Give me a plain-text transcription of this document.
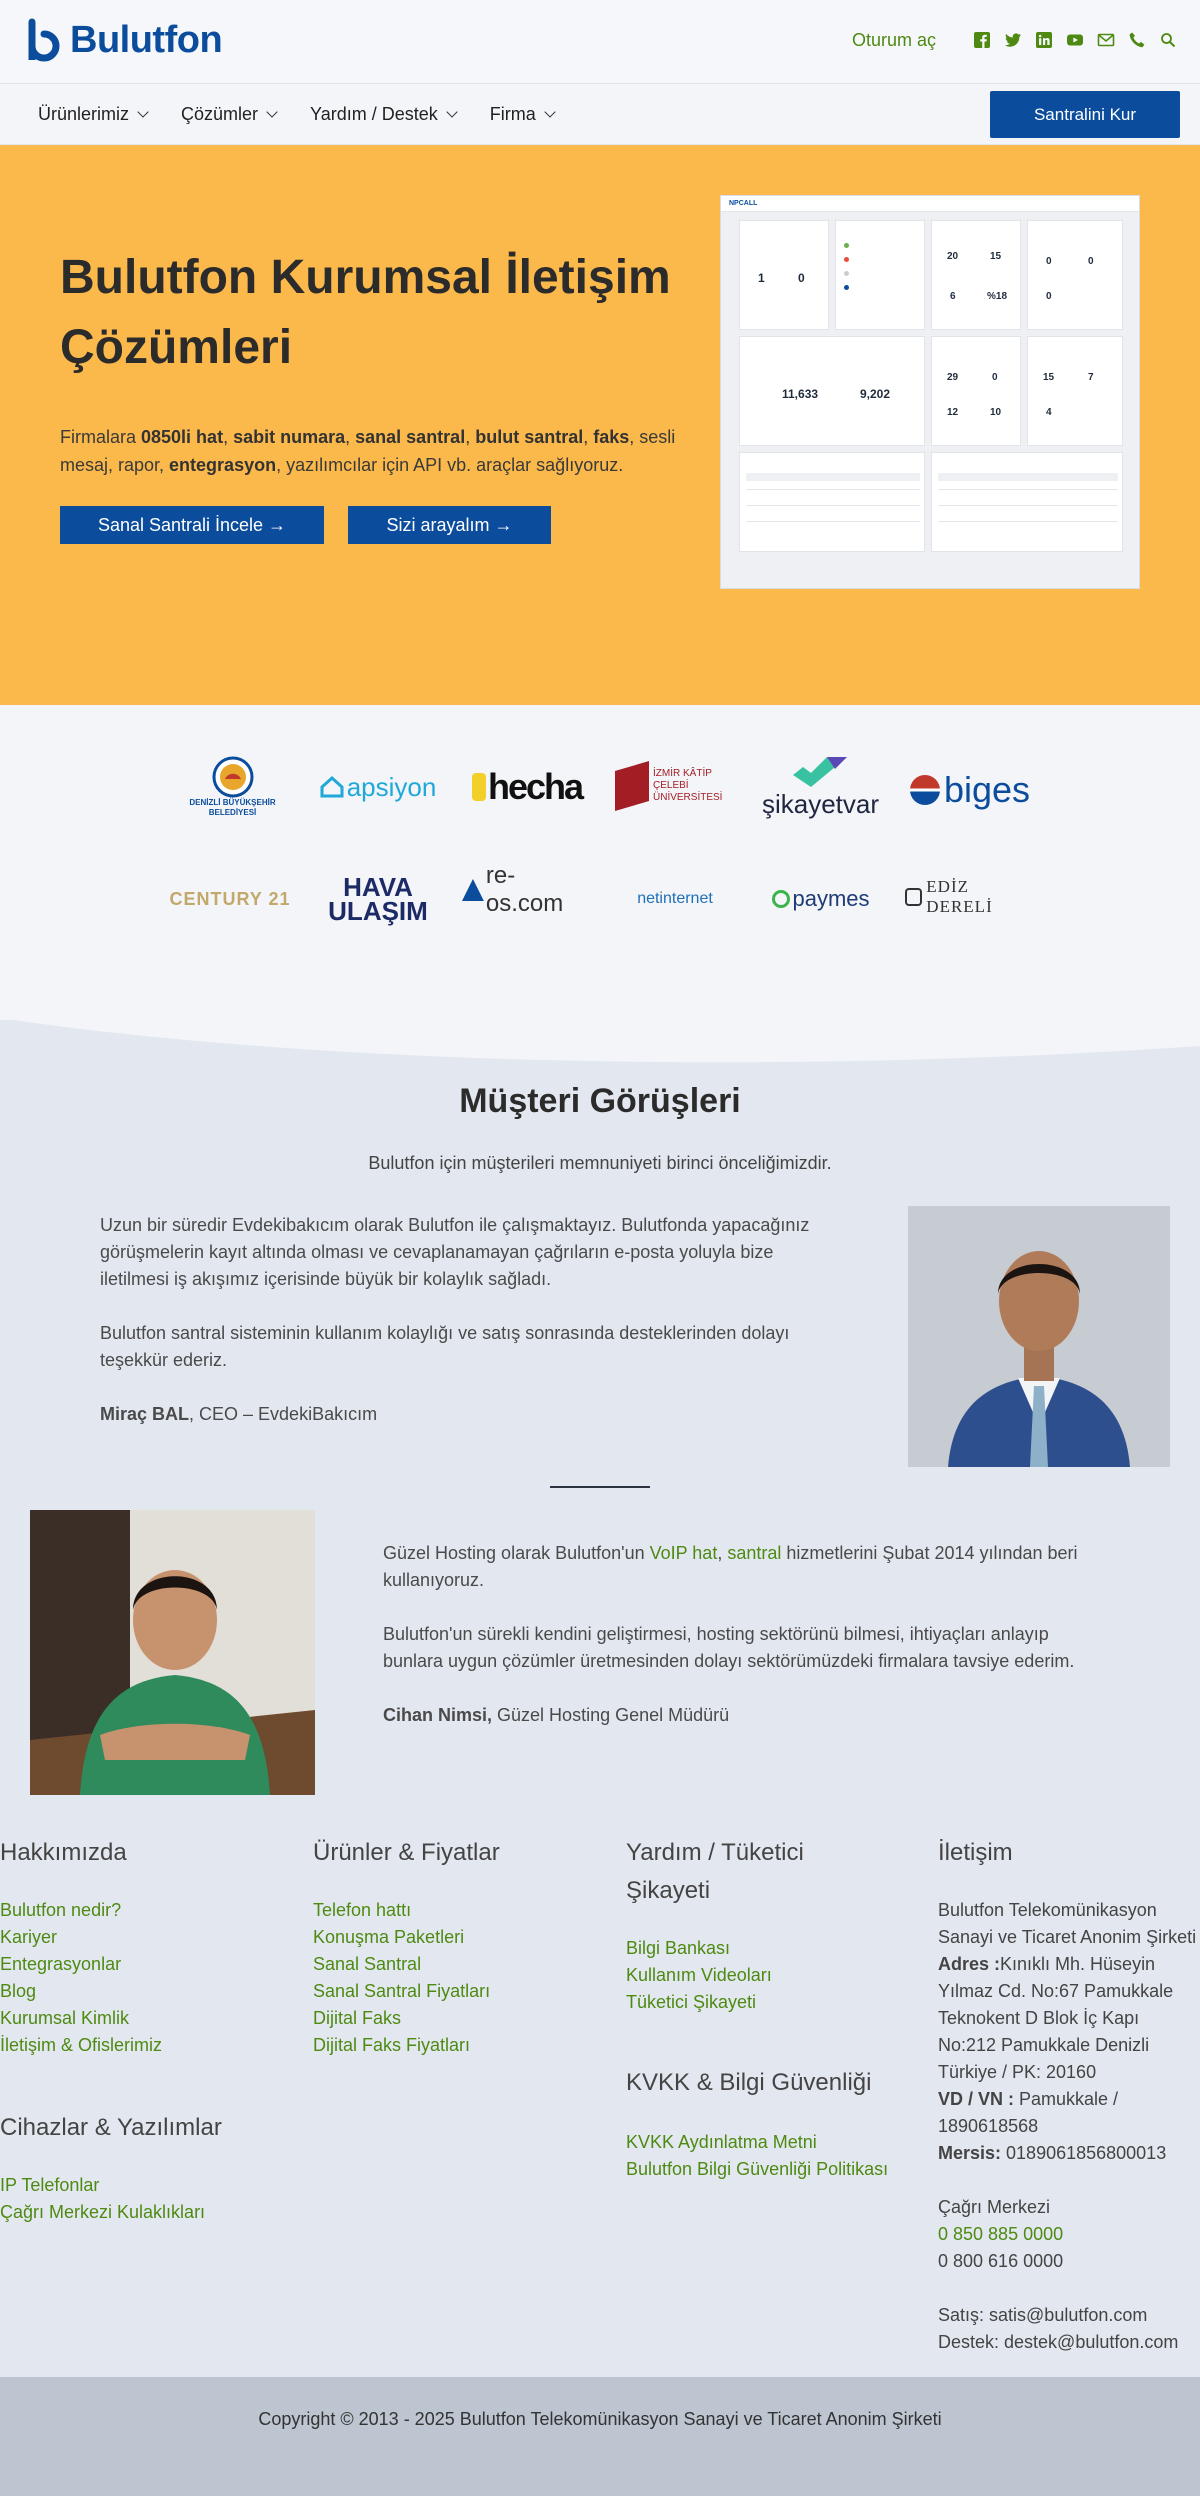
Bulutfon	Oturum aç
Ürünlerimiz	Çözümler	Yardım / Destek	Firma	Santralini Kur
Bulutfon Kurumsal İletişim Çözümleri

Firmalara 0850li hat, sabit numara, sanal santral, bulut santral, faks, sesli mesaj, rapor, entegrasyon, yazılımcılar için API vb. araçlar sağlıyoruz.

Sanal Santrali İncele →	Sizi arayalım →
NPCALL
1	0
20	15
6	%18
0	0
0
11,633	9,202
29	0
12	10
15	7
4
DENİZLİ BÜYÜKŞEHİR BELEDİYESİ
apsiyon hecha	İZMİR KÂTİP ÇELEBİ ÜNİVERSİTESİ	şikayetvar biges
CENTURY 21	HAVA ULAŞIM
re-os.com	netinternet	paymes	EDİZ DERELİ
Müşteri Görüşleri
Bulutfon için müşterileri memnuniyeti birinci önceliğimizdir.
Uzun bir süredir Evdekibakıcım olarak Bulutfon ile çalışmaktayız. Bulutfonda yapacağınız görüşmelerin kayıt altında olması ve cevaplanamayan çağrıların e-posta yoluyla bize iletilmesi iş akışımız içerisinde büyük bir kolaylık sağladı.
Bulutfon santral sisteminin kullanım kolaylığı ve satış sonrasında desteklerinden dolayı teşekkür ederiz.
Miraç BAL, CEO – EvdekiBakıcım
Güzel Hosting olarak Bulutfon'un VoIP hat, santral hizmetlerini Şubat 2014 yılından beri kullanıyoruz.
Bulutfon'un sürekli kendini geliştirmesi, hosting sektörünü bilmesi, ihtiyaçları anlayıp bunlara uygun çözümler üretmesinden dolayı sektörümüzdeki firmalara tavsiye ederim.
Cihan Nimsi, Güzel Hosting Genel Müdürü
Hakkımızda
Bulutfon nedir?
Kariyer
Entegrasyonlar
Blog
Kurumsal Kimlik
İletişim & Ofislerimiz
Cihazlar & Yazılımlar
IP Telefonlar
Çağrı Merkezi Kulaklıkları
Ürünler & Fiyatlar
Telefon hattı
Konuşma Paketleri
Sanal Santral
Sanal Santral Fiyatları
Dijital Faks
Dijital Faks Fiyatları
Yardım / Tüketici Şikayeti
Bilgi Bankası
Kullanım Videoları
Tüketici Şikayeti
KVKK & Bilgi Güvenliği
KVKK Aydınlatma Metni
Bulutfon Bilgi Güvenliği Politikası
İletişim
Bulutfon Telekomünikasyon Sanayi ve Ticaret Anonim Şirketi
Adres :Kınıklı Mh. Hüseyin Yılmaz Cd. No:67 Pamukkale Teknokent D Blok İç Kapı No:212 Pamukkale Denizli Türkiye / PK: 20160
VD / VN : Pamukkale / 1890618568
Mersis: 0189061856800013
Çağrı Merkezi
0 850 885 0000
0 800 616 0000
Satış: satis@bulutfon.com
Destek: destek@bulutfon.com
Copyright © 2013 - 2025 Bulutfon Telekomünikasyon Sanayi ve Ticaret Anonim Şirketi
